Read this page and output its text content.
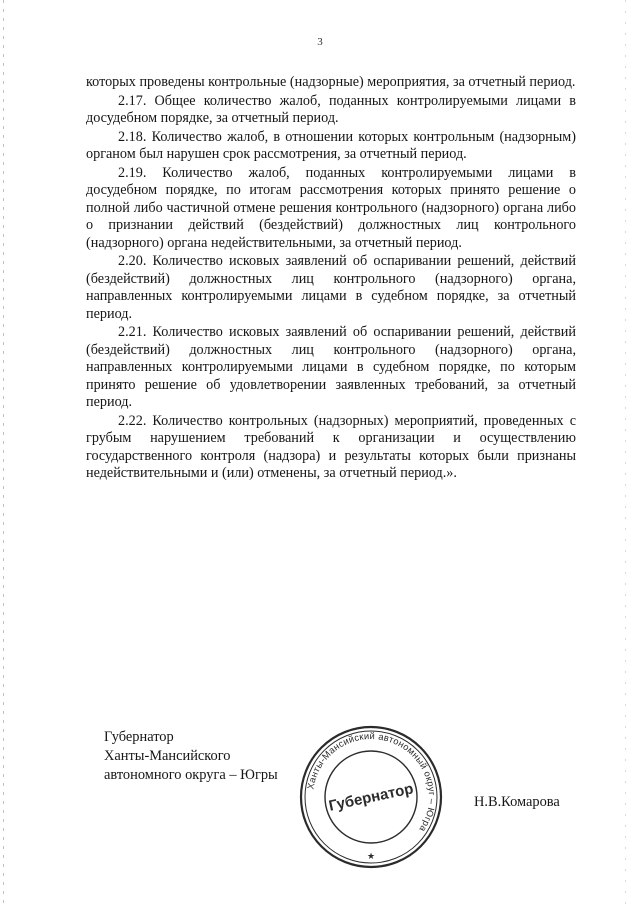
3

которых проведены контрольные (надзорные) мероприятия, за отчетный период.

2.17. Общее количество жалоб, поданных контролируемыми лицами в досудебном порядке, за отчетный период.

2.18. Количество жалоб, в отношении которых контрольным (надзорным) органом был нарушен срок рассмотрения, за отчетный период.

2.19. Количество жалоб, поданных контролируемыми лицами в досудебном порядке, по итогам рассмотрения которых принято решение о полной либо частичной отмене решения контрольного (надзорного) органа либо о признании действий (бездействий) должностных лиц контрольного (надзорного) органа недействительными, за отчетный период.

2.20. Количество исковых заявлений об оспаривании решений, действий (бездействий) должностных лиц контрольного (надзорного) органа, направленных контролируемыми лицами в судебном порядке, за отчетный период.

2.21. Количество исковых заявлений об оспаривании решений, действий (бездействий) должностных лиц контрольного (надзорного) органа, направленных контролируемыми лицами в судебном порядке, по которым принято решение об удовлетворении заявленных требований, за отчетный период.

2.22. Количество контрольных (надзорных) мероприятий, проведенных с грубым нарушением требований к организации и осуществлению государственного контроля (надзора) и результаты которых были признаны недействительными и (или) отменены, за отчетный период.».

Губернатор
Ханты-Мансийского
автономного округа – Югры
Н.В.Комарова
Ханты-Мансийский автономный округ – Югра
Губернатор
★
